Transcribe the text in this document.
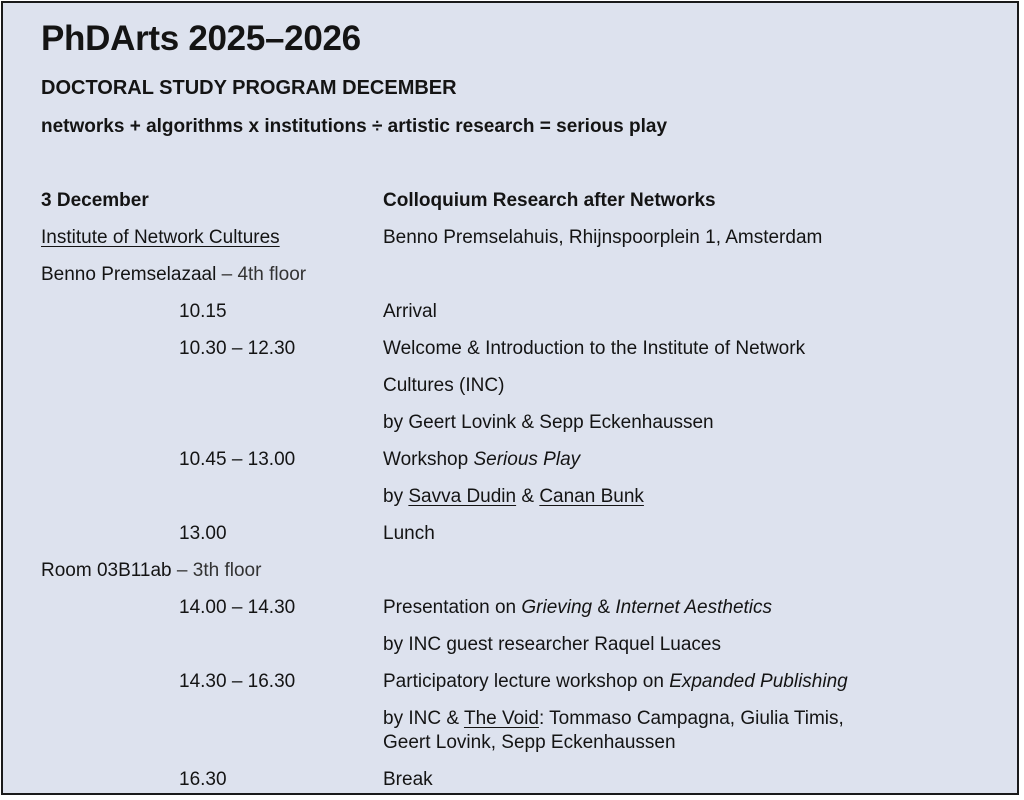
PhDArts 2025–2026
DOCTORAL STUDY PROGRAM DECEMBER
networks + algorithms x institutions ÷ artistic research = serious play
3 December	Colloquium Research after Networks
Institute of Network Cultures	Benno Premselahuis, Rhijnspoorplein 1, Amsterdam
Benno Premselazaal – 4th floor
10.15	Arrival
10.30 – 12.30	Welcome & Introduction to the Institute of Network
Cultures (INC)
by Geert Lovink & Sepp Eckenhaussen
10.45 – 13.00	Workshop Serious Play
by Savva Dudin & Canan Bunk
13.00	Lunch
Room 03B11ab – 3th floor
14.00 – 14.30	Presentation on Grieving & Internet Aesthetics
by INC guest researcher Raquel Luaces
14.30 – 16.30	Participatory lecture workshop on Expanded Publishing
by INC & The Void: Tommaso Campagna, Giulia Timis,
Geert Lovink, Sepp Eckenhaussen
16.30	Break
